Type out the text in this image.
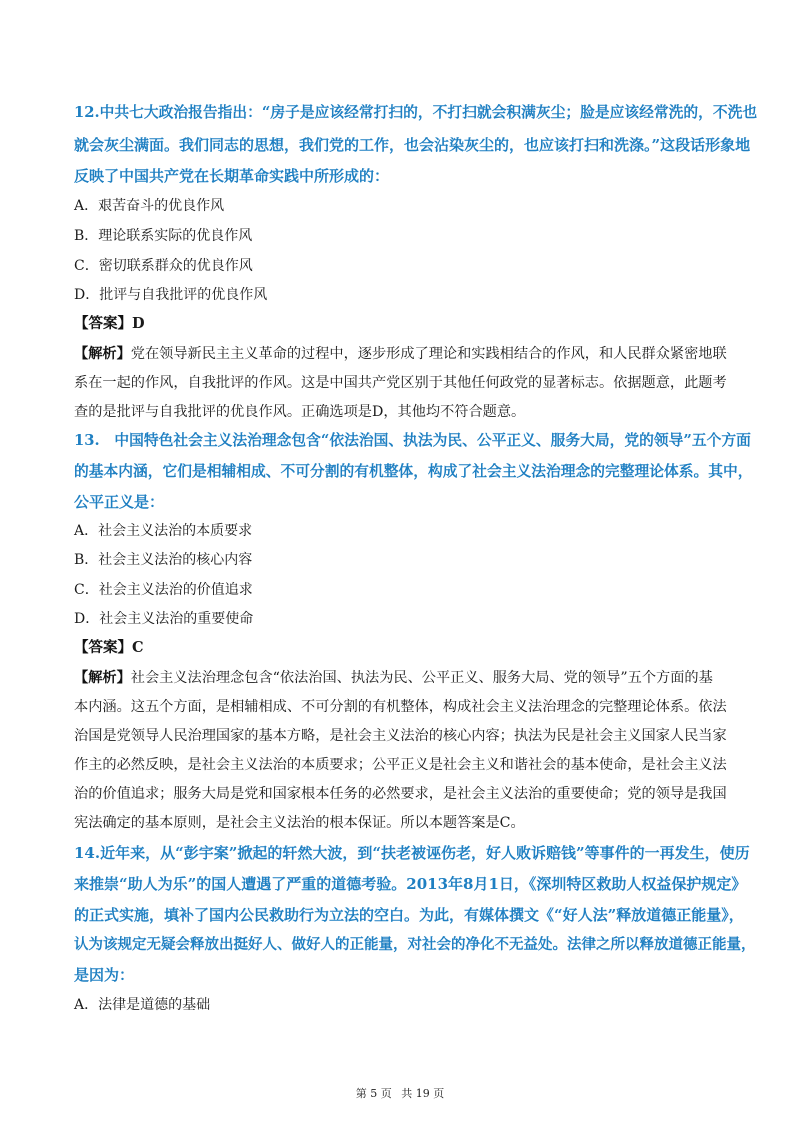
12.中共七大政治报告指出：“房子是应该经常打扫的，不打扫就会积满灰尘；脸是应该经常洗的，不洗也
就会灰尘满面。我们同志的思想，我们党的工作，也会沾染灰尘的，也应该打扫和洗涤。”这段话形象地
反映了中国共产党在长期革命实践中所形成的：
A．艰苦奋斗的优良作风
B．理论联系实际的优良作风
C．密切联系群众的优良作风
D．批评与自我批评的优良作风
【答案】D
【解析】党在领导新民主主义革命的过程中，逐步形成了理论和实践相结合的作风，和人民群众紧密地联
系在一起的作风，自我批评的作风。这是中国共产党区别于其他任何政党的显著标志。依据题意，此题考
查的是批评与自我批评的优良作风。正确选项是D，其他均不符合题意。
13.　中国特色社会主义法治理念包含“依法治国、执法为民、公平正义、服务大局，党的领导”五个方面
的基本内涵，它们是相辅相成、不可分割的有机整体，构成了社会主义法治理念的完整理论体系。其中，
公平正义是：
A．社会主义法治的本质要求
B．社会主义法治的核心内容
C．社会主义法治的价值追求
D．社会主义法治的重要使命
【答案】C
【解析】社会主义法治理念包含“依法治国、执法为民、公平正义、服务大局、党的领导”五个方面的基
本内涵。这五个方面，是相辅相成、不可分割的有机整体，构成社会主义法治理念的完整理论体系。依法
治国是党领导人民治理国家的基本方略，是社会主义法治的核心内容；执法为民是社会主义国家人民当家
作主的必然反映，是社会主义法治的本质要求；公平正义是社会主义和谐社会的基本使命，是社会主义法
治的价值追求；服务大局是党和国家根本任务的必然要求，是社会主义法治的重要使命；党的领导是我国
宪法确定的基本原则，是社会主义法治的根本保证。所以本题答案是C。
14.近年来，从“彭宇案”掀起的轩然大波，到“扶老被诬伤老，好人败诉赔钱”等事件的一再发生，使历
来推崇“助人为乐”的国人遭遇了严重的道德考验。2013年8月1日，《深圳特区救助人权益保护规定》
的正式实施，填补了国内公民救助行为立法的空白。为此，有媒体撰文《“好人法”释放道德正能量》，
认为该规定无疑会释放出挺好人、做好人的正能量，对社会的净化不无益处。法律之所以释放道德正能量，
是因为：
A．法律是道德的基础
第 5 页 共 19 页
